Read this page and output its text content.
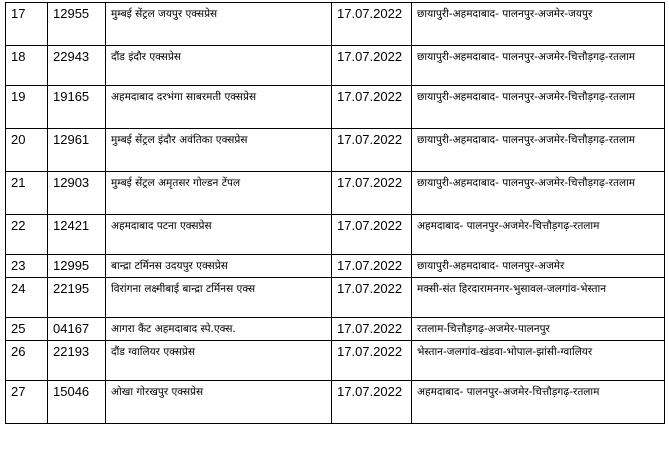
17	12955	मुम्बई सेंट्रल जयपुर एक्सप्रेस	17.07.2022	छायापुरी-अहमदाबाद- पालनपुर-अजमेर-जयपुर
18	22943	दौंड इंदौर एक्सप्रेस	17.07.2022	छायापुरी-अहमदाबाद- पालनपुर-अजमेर-चित्तौड़गढ़-रतलाम
19	19165	अहमदाबाद दरभंगा साबरमती एक्सप्रेस	17.07.2022	छायापुरी-अहमदाबाद- पालनपुर-अजमेर-चित्तौड़गढ़-रतलाम
20	12961	मुम्बई सेंट्रल इंदौर अवंतिका एक्सप्रेस	17.07.2022	छायापुरी-अहमदाबाद- पालनपुर-अजमेर-चित्तौड़गढ़-रतलाम
21	12903	मुम्बई सेंट्रल अमृतसर गोल्डन टेंपल	17.07.2022	छायापुरी-अहमदाबाद- पालनपुर-अजमेर-चित्तौड़गढ़-रतलाम
22	12421	अहमदाबाद पटना एक्सप्रेस	17.07.2022	अहमदाबाद- पालनपुर-अजमेर-चित्तौड़गढ़-रतलाम
23	12995	बान्द्रा टर्मिनस उदयपुर एक्सप्रेस	17.07.2022	छायापुरी-अहमदाबाद- पालनपुर-अजमेर
24	22195	विरांगना लक्ष्मीबाई बान्द्रा टर्मिनस एक्स	17.07.2022	मक्सी-संत हिरदारामनगर-भुसावल-जलगांव-भेस्तान
25	04167	आगरा कैंट अहमदाबाद स्पे.एक्स.	17.07.2022	रतलाम-चित्तौड़गढ़-अजमेर-पालनपुर
26	22193	दौंड ग्वालियर एक्सप्रेस	17.07.2022	भेस्तान-जलगांव-खंडवा-भोपाल-झांसी-ग्वालियर
27	15046	ओखा गोरखपुर एक्सप्रेस	17.07.2022	अहमदाबाद- पालनपुर-अजमेर-चित्तौड़गढ़-रतलाम
